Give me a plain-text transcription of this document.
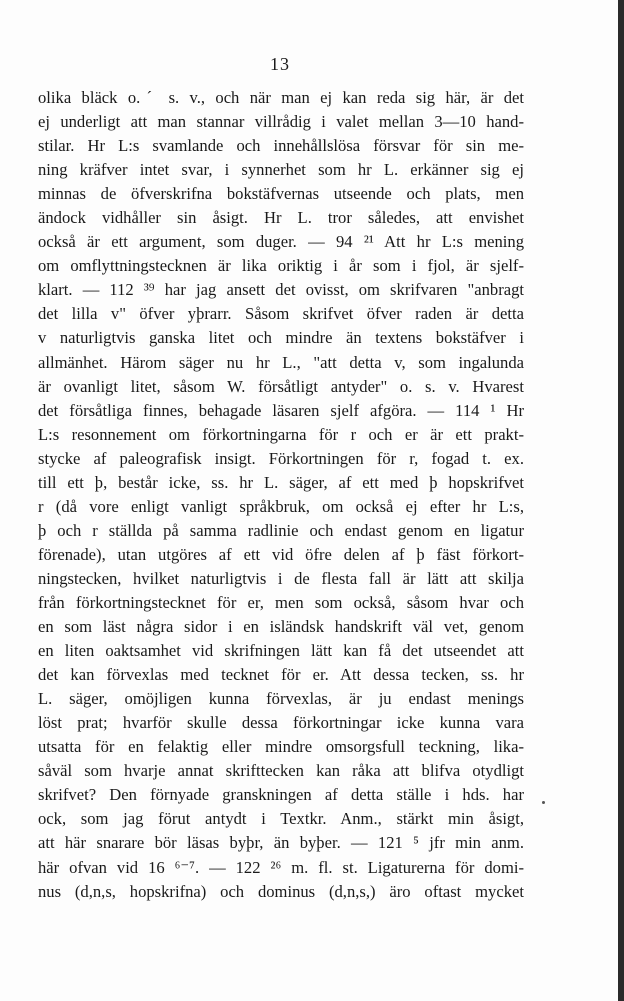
13
olika bläck o.ˊ s. v., och när man ej kan reda sig här, är det
ej underligt att man stannar villrådig i valet mellan 3—10 hand-
stilar. Hr L:s svamlande och innehållslösa försvar för sin me-
ning kräfver intet svar, i synnerhet som hr L. erkänner sig ej
minnas de öfverskrifna bokstäfvernas utseende och plats, men
ändock vidhåller sin åsigt. Hr L. tror således, att envishet
också är ett argument, som duger. — 94 ²¹ Att hr L:s mening
om omflyttningstecknen är lika oriktig i år som i fjol, är sjelf-
klart. — 112 ³⁹ har jag ansett det ovisst, om skrifvaren "anbragt
det lilla v" öfver yþrarr. Såsom skrifvet öfver raden är detta
v naturligtvis ganska litet och mindre än textens bokstäfver i
allmänhet. Härom säger nu hr L., "att detta v, som ingalunda
är ovanligt litet, såsom W. försåtligt antyder" o. s. v. Hvarest
det försåtliga finnes, behagade läsaren sjelf afgöra. — 114 ¹ Hr
L:s resonnement om förkortningarna för r och er är ett prakt-
stycke af paleografisk insigt. Förkortningen för r, fogad t. ex.
till ett þ, består icke, ss. hr L. säger, af ett med þ hopskrifvet
r (då vore enligt vanligt språkbruk, om också ej efter hr L:s,
þ och r ställda på samma radlinie och endast genom en ligatur
förenade), utan utgöres af ett vid öfre delen af þ fäst förkort-
ningstecken, hvilket naturligtvis i de flesta fall är lätt att skilja
från förkortningstecknet för er, men som också, såsom hvar och
en som läst några sidor i en isländsk handskrift väl vet, genom
en liten oaktsamhet vid skrifningen lätt kan få det utseendet att
det kan förvexlas med tecknet för er. Att dessa tecken, ss. hr
L. säger, omöjligen kunna förvexlas, är ju endast menings
löst prat; hvarför skulle dessa förkortningar icke kunna vara
utsatta för en felaktig eller mindre omsorgsfull teckning, lika-
såväl som hvarje annat skrifttecken kan råka att blifva otydligt
skrifvet? Den förnyade granskningen af detta ställe i hds. har
ock, som jag förut antydt i Textkr. Anm., stärkt min åsigt,
att här snarare bör läsas byþr, än byþer. — 121 ⁵ jfr min anm.
här ofvan vid 16 ⁶⁻⁷. — 122 ²⁶ m. fl. st. Ligaturerna för domi-
nus (d,n,s, hopskrifna) och dominus (d,n,s,) äro oftast mycket
